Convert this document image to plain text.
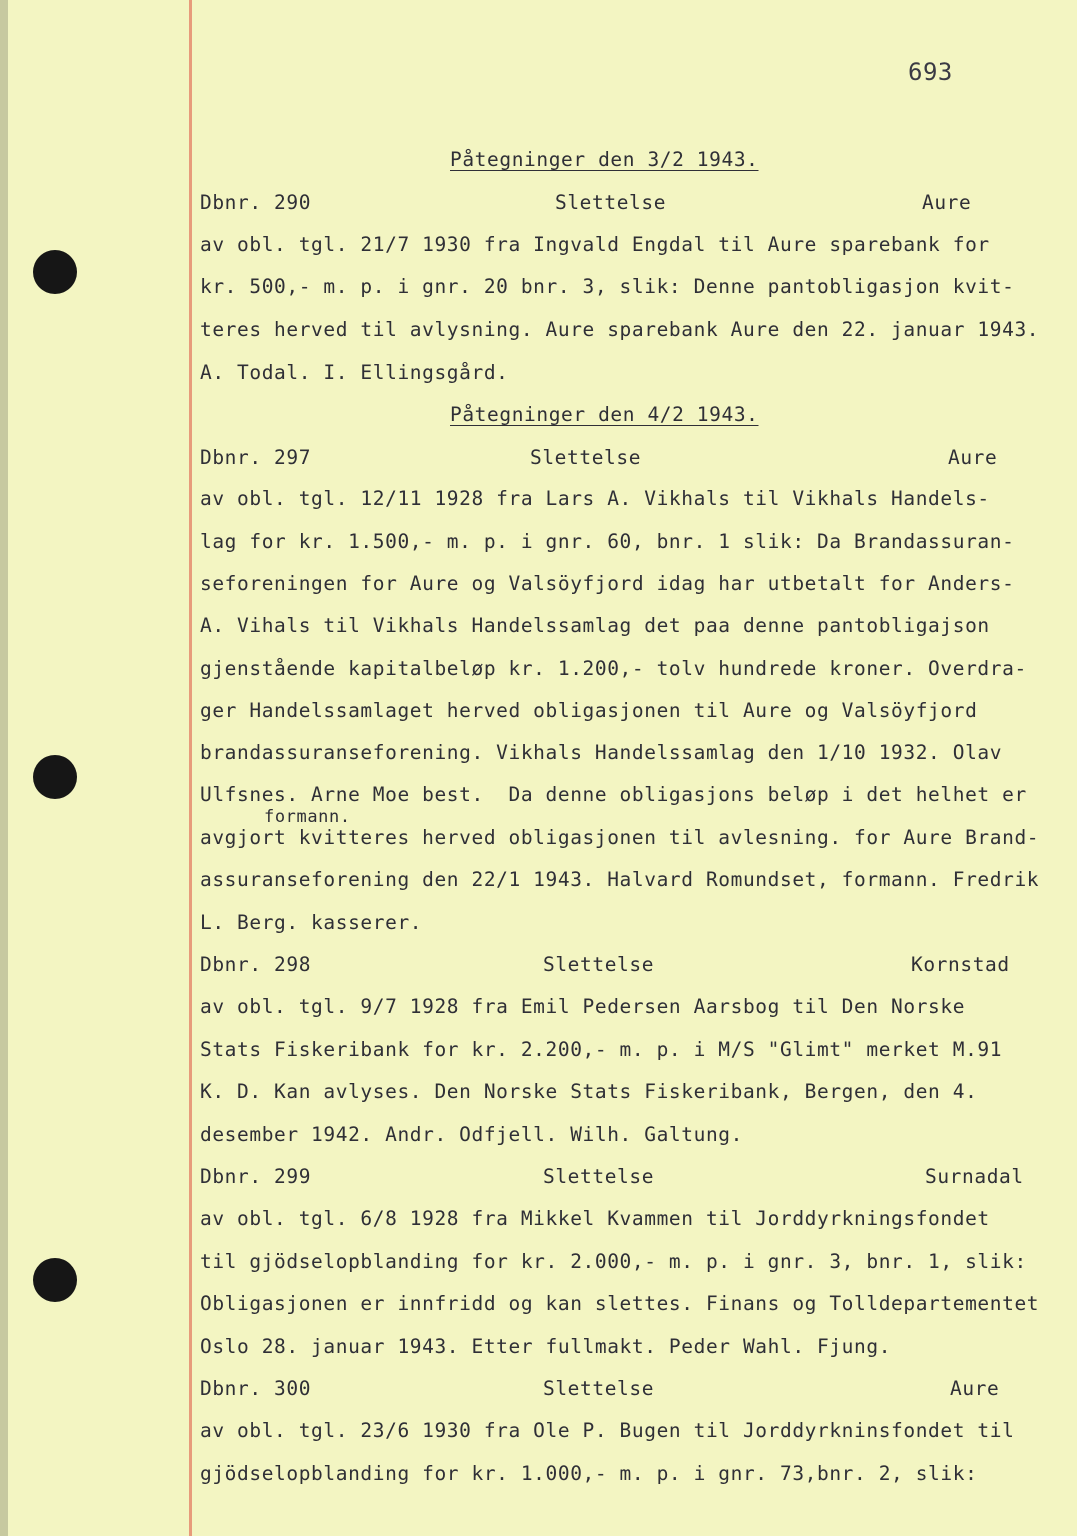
693
Påtegninger den 3/2 1943.
Dbnr. 290	Slettelse	Aure
av obl. tgl. 21/7 1930 fra Ingvald Engdal til Aure sparebank for
kr. 500,- m. p. i gnr. 20 bnr. 3, slik: Denne pantobligasjon kvit-
teres herved til avlysning. Aure sparebank Aure den 22. januar 1943.
A. Todal. I. Ellingsgård.
Påtegninger den 4/2 1943.
Dbnr. 297	Slettelse	Aure
av obl. tgl. 12/11 1928 fra Lars A. Vikhals til Vikhals Handels-
lag for kr. 1.500,- m. p. i gnr. 60, bnr. 1 slik: Da Brandassuran-
seforeningen for Aure og Valsöyfjord idag har utbetalt for Anders-
A. Vihals til Vikhals Handelssamlag det paa denne pantobligajson
gjenstående kapitalbeløp kr. 1.200,- tolv hundrede kroner. Overdra-
ger Handelssamlaget herved obligasjonen til Aure og Valsöyfjord
brandassuranseforening. Vikhals Handelssamlag den 1/10 1932. Olav
Ulfsnes. Arne Moe best.  Da denne obligasjons beløp i det helhet er
formann.
avgjort kvitteres herved obligasjonen til avlesning. for Aure Brand-
assuranseforening den 22/1 1943. Halvard Romundset, formann. Fredrik
L. Berg. kasserer.
Dbnr. 298	Slettelse	Kornstad
av obl. tgl. 9/7 1928 fra Emil Pedersen Aarsbog til Den Norske
Stats Fiskeribank for kr. 2.200,- m. p. i M/S "Glimt" merket M.91
K. D. Kan avlyses. Den Norske Stats Fiskeribank, Bergen, den 4.
desember 1942. Andr. Odfjell. Wilh. Galtung.
Dbnr. 299	Slettelse	Surnadal
av obl. tgl. 6/8 1928 fra Mikkel Kvammen til Jorddyrkningsfondet
til gjödselopblanding for kr. 2.000,- m. p. i gnr. 3, bnr. 1, slik:
Obligasjonen er innfridd og kan slettes. Finans og Tolldepartementet
Oslo 28. januar 1943. Etter fullmakt. Peder Wahl. Fjung.
Dbnr. 300	Slettelse	Aure
av obl. tgl. 23/6 1930 fra Ole P. Bugen til Jorddyrkninsfondet til
gjödselopblanding for kr. 1.000,- m. p. i gnr. 73,bnr. 2, slik:
